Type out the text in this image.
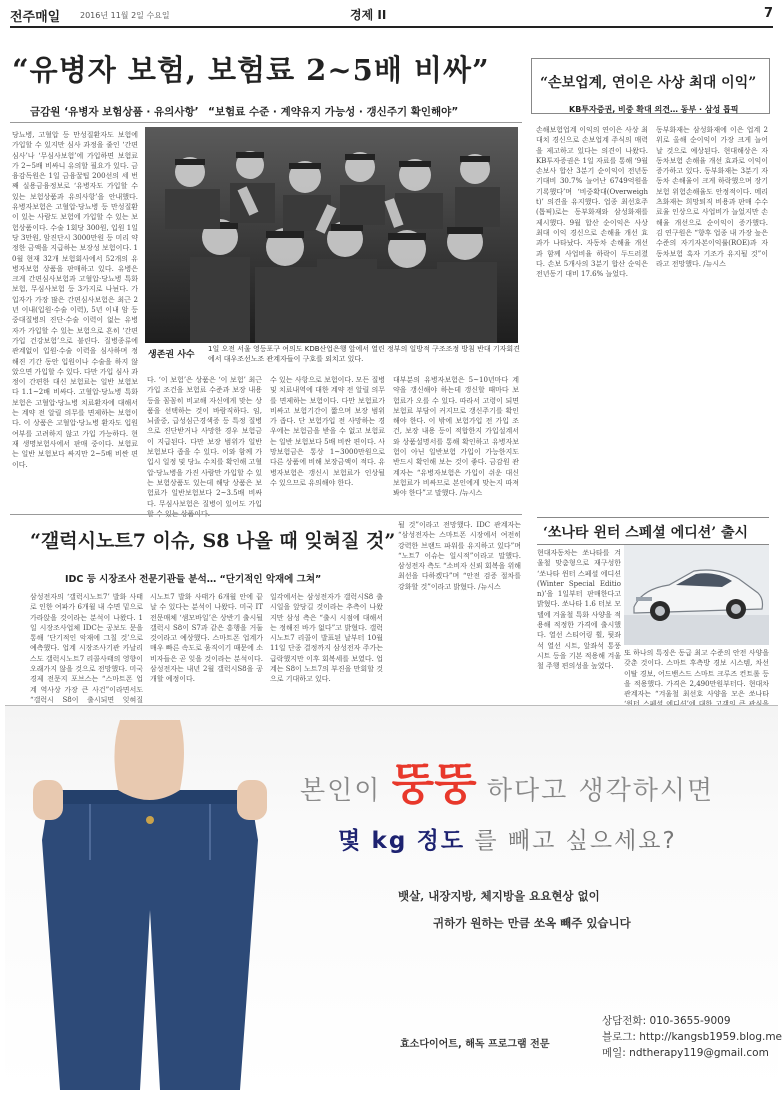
전주매일 2016년 11월 2일 수요일	경제 II	7
“유병자 보험, 보험료 2~5배 비싸”
금감원 ‘유병자 보험상품 · 유의사항’ “보험료 수준 · 계약유지 가능성 · 갱신주기 확인해야”
당뇨병, 고혈압 등 만성질환자도 보험에 가입할 수 있지만 심사 과정을 줄인 ‘간편심사’나 ‘무심사보험’에 가입하면 보험료가 2~5배 비싸니 유의할 필요가 있다. 금융감독원은 1일 금융꿀팁 200선의 세 번째 실용금융정보로 ‘유병자도 가입할 수 있는 보험상품과 유의사항’을 안내했다. 유병자보험은 고혈압·당뇨병 등 만성질환이 있는 사람도 보험에 가입할 수 있는 보험상품이다. 수술 1회당 300원, 입원 1일당 3만원, 암진단시 3000만원 등 미리 약정한 금액을 지급하는 보장성 보험이다. 10월 현재 32개 보험회사에서 52개의 유병자보험 상품을 판매하고 있다. 유병은 크게 간편심사보험과 고혈압·당뇨병 특화 보험, 무심사보험 등 3가지로 나뉜다. 가입자가 가장 많은 간편심사보험은 최근 2년 이내(입원·수술 이력), 5년 이내 암 등 중대질병의 진단·수술 이력이 없는 유병자가 가입할 수 있는 보험으로 흔히 ‘간편가입 건강보험’으로 불린다. 질병종류에 관계없이 입원·수술 이력을 심사하며 정해진 기간 동안 입원이나 수술을 하지 않았으면 가입할 수 있다. 다만 가입 심사 과정이 간편한 대신 보험료는 일반 보험보다 1.1~2배 비싸다. 고혈압·당뇨병 특화 보험은 고혈압·당뇨병 치료환자에 대해서는 계약 전 알릴 의무를 면제하는 보험이다. 이 상품은 고혈압·당뇨병 환자도 입원 여부를 고려하지 않고 가입 가능하다. 현재 생명보험사에서 판매 중이다. 보험료는 일반 보험보다 싸지만 2~5배 비싼 편이다.
생존권 사수
1일 오전 서울 영등포구 여의도 KDB산업은행 앞에서 열린 정부의 일방적 구조조정 방침 반대 기자회견에서 대우조선노조 관계자들이 구호를 외치고 있다.
다. ‘이 보험’은 상품은 ‘이 보험’ 최근 가입 조건을 보험료 수준과 보장 내용 등을 꼼꼼히 비교해 자신에게 맞는 상품을 선택하는 것이 바람직하다. 임, 뇌졸중, 급성심근경색증 등 특정 질병으로 진단받거나 사망한 경우 보험금이 지급된다. 다만 보장 범위가 일반 보험보다 좁을 수 있다. 이와 함께 가입시 일정 및 당뇨 수치를 확인해 고혈압·당뇨병을 가진 사람만 가입할 수 있는 보험상품도 있는데 해당 상품은 보험료가 일반보험보다 2~3.5배 비싸다. 무심사보험은 질병이 있어도 가입
수 있는 사항으로 보험이다. 모든 질병 및 치료내역에 대한 계약 전 알릴 의무를 면제하는 보험이다. 다만 보험료가 비싸고 보험기간이 짧으며 보장 범위가 좁다. 단 보험가입 전 사망하는 경우에는 보험금을 받을 수 없고 보험료는 일반 보험보다 5배 비싼 편이다. 사망보험금은 통상 1~3000만원으로 다른 상품에 비해 보장금액이 적다. 유병자보험은 갱신시 보험료가 인상될 수 있으므로 유의해야 한다.
대부분의 유병자보험은 5~10년마다 계약을 갱신해야 하는데 갱신할 때마다 보험료가 오를 수 있다. 따라서 고령이 되면 보험료 부담이 커지므로 갱신주기를 확인해야 한다. 이 밖에 보험가입 전 가입 조건, 보장 내용 등이 적합한지 가입설계서와 상품설명서를 통해 확인하고 유병자보험이 아닌 일반보험 가입이 가능한지도 반드시 확인해 보는 것이 좋다. 금감원 관계자는 “유병자보험은 가입이 쉬운 대신 보험료가 비싸므로 본인에게 맞는지 따져봐야 한다”고 말했다. /뉴시스
“손보업계, 연이은 사상 최대 이익”
KB투자증권, 비중 확대 의견… 동부 · 삼성 톱픽
손해보험업계 이익의 연이은 사상 최대치 경신으로 손보업계 주식의 매력을 제고하고 있다는 의견이 나왔다. KB투자증권은 1일 자료를 통해 ‘9월 손보사 합산 3분기 순이익이 전년동기대비 30.7% 늘어난 6749억원을 기록했다’며 ‘비중확대(Overweight)’ 의견을 유지했다. 업종 최선호주(톱픽)로는 동부화재와 삼성화재를 제시했다. 9월 합산 순이익은 사상 최대 이익 경신으로 손해율 개선 효과가 나타났다. 자동차 손해율 개선과 함께 사업비율 하락이 두드러졌다. 손보 5개사의 3분기 합산 순익은 전년동기 대비 17.6% 늘었다.
동부화재는 삼성화재에 이은 업계 2위로 올해 순이익이 가장 크게 늘어날 것으로 예상된다. 현대해상은 자동차보험 손해율 개선 효과로 이익이 증가하고 있다. 동부화재는 3분기 자동차 손해율이 크게 하락했으며 장기보험 위험손해율도 안정적이다. 메리츠화재는 희망퇴직 비용과 판매 수수료율 인상으로 사업비가 늘었지만 손해율 개선으로 순이익이 증가했다. 김 연구원은 “향후 업종 내 가장 높은 수준의 자기자본이익률(ROE)과 자동차보험 흑자 기조가 유지될 것”이라고 전망했다. /뉴시스
“갤럭시노트7 이슈, S8 나올 때 잊혀질 것”
IDC 등 시장조사 전문기관들 분석… “단기적인 악재에 그쳐”
삼성전자의 ‘갤럭시노트7’ 발화 사태로 인한 여파가 6개월 내 수면 밑으로 가라앉을 것이라는 분석이 나왔다. 1일 시장조사업체 IDC는 공보도 문을 통해 ‘단기적인 악재에 그칠 것’으로 예측했다. 업계 시장조사기관 카날리스도 갤럭시노트7 리콜사태의 영향이 오래가지 않을 것으로 전망했다. 미국 경제 전문지 포브스는 “스마트폰 업계 역사상 가장 큰 사건”이라면서도 “갤럭시 S8이 출시되면 잊혀질
시노트7 발화 사태가 6개월 안에 끝날 수 있다는 분석이 나왔다. 미국 IT 전문매체 ‘샘모바일’은 상반기 출시될 갤럭시 S8이 S7과 같은 흥행을 거둘 것이라고 예상했다. 스마트폰 업계가 매우 빠른 속도로 움직이기 때문에 소비자들은 곧 잊을 것이라는 분석이다. 삼성전자는 내년 2월 갤럭시S8을 공개할 예정이다.
일각에서는 삼성전자가 갤럭시S8 출시일을 앞당길 것이라는 추측이 나왔지만 삼성 측은 “출시 시점에 대해서는 정해진 바가 없다”고 밝혔다. 갤럭시노트7 리콜이 발표된 날부터 10월 11일 단종 결정까지 삼성전자 주가는 급락했지만 이후 회복세를 보였다. 업계는 S8이 노트7의 부진을 만회할 것으로 기대하고 있다.
될 것”이라고 전망했다. IDC 관계자는 “삼성전자는 스마트폰 시장에서 여전히 강력한 브랜드 파워를 유지하고 있다”며 “노트7 이슈는 일시적”이라고 말했다. 삼성전자 측도 “소비자 신뢰 회복을 위해 최선을 다하겠다”며 “안전 검증 절차를 강화할 것”이라고 밝혔다. /뉴시스
‘쏘나타 윈터 스페셜 에디션’ 출시
현대자동차는 쏘나타를 겨울철 맞춤형으로 재구성한 ‘쏘나타 윈터 스페셜 에디션(Winter Special Edition)’을 1일부터 판매한다고 밝혔다. 쏘나타 1.6 터보 모델에 겨울철 특화 사양을 적용해 적정한 가격에 출시했다. 열선 스티어링 휠, 뒷좌석 열선 시트, 앞좌석 통풍 시트 등을 기본 적용해 겨울철 주행 편의성을 높였다.
또 하나의 특징은 동급 최고 수준의 안전 사양을 갖춘 것이다. 스마트 후측방 경보 시스템, 차선이탈 경보, 어드밴스드 스마트 크루즈 컨트롤 등을 적용했다. 가격은 2,490만원부터다. 현대차 관계자는 “겨울철 최선호 사양을 모은 쏘나타
본인이 뚱뚱 하다고 생각하시면
몇 kg 정도 를 빼고 싶으세요?
뱃살, 내장지방, 체지방을 요요현상 없이
귀하가 원하는 만큼 쏘옥 빼주 있습니다
효소다이어트, 해독 프로그램 전문
상담전화: 010-3655-9009
블로그: http://kangsb1959.blog.me
메일: ndtherapy119@gmail.com
